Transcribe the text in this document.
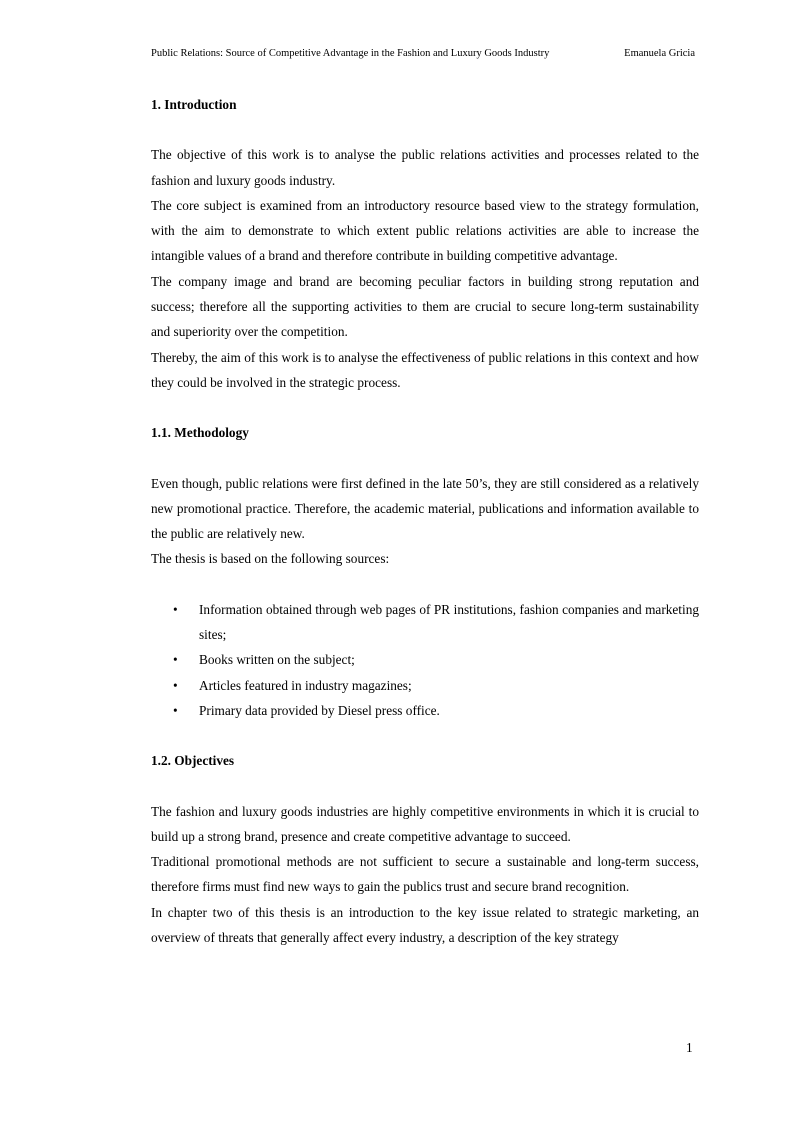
Public Relations: Source of Competitive Advantage in the Fashion and Luxury Goods Industry	Emanuela Gricia
1. Introduction

The objective of this work is to analyse the public relations activities and processes related to the fashion and luxury goods industry.

The core subject is examined from an introductory resource based view to the strategy formulation, with the aim to demonstrate to which extent public relations activities are able to increase the intangible values of a brand and therefore contribute in building competitive advantage.

The company image and brand are becoming peculiar factors in building strong reputation and success; therefore all the supporting activities to them are crucial to secure long-term sustainability and superiority over the competition.

Thereby, the aim of this work is to analyse the effectiveness of public relations in this context and how they could be involved in the strategic process.

1.1. Methodology

Even though, public relations were first defined in the late 50’s, they are still considered as a relatively new promotional practice. Therefore, the academic material, publications and information available to the public are relatively new.

The thesis is based on the following sources:

• Information obtained through web pages of PR institutions, fashion companies and marketing sites;
• Books written on the subject;
• Articles featured in industry magazines;
• Primary data provided by Diesel press office.
1.2. Objectives

The fashion and luxury goods industries are highly competitive environments in which it is crucial to build up a strong brand, presence and create competitive advantage to succeed.

Traditional promotional methods are not sufficient to secure a sustainable and long-term success, therefore firms must find new ways to gain the publics trust and secure brand recognition.

In chapter two of this thesis is an introduction to the key issue related to strategic marketing, an overview of threats that generally affect every industry, a description of the key strategy

1
